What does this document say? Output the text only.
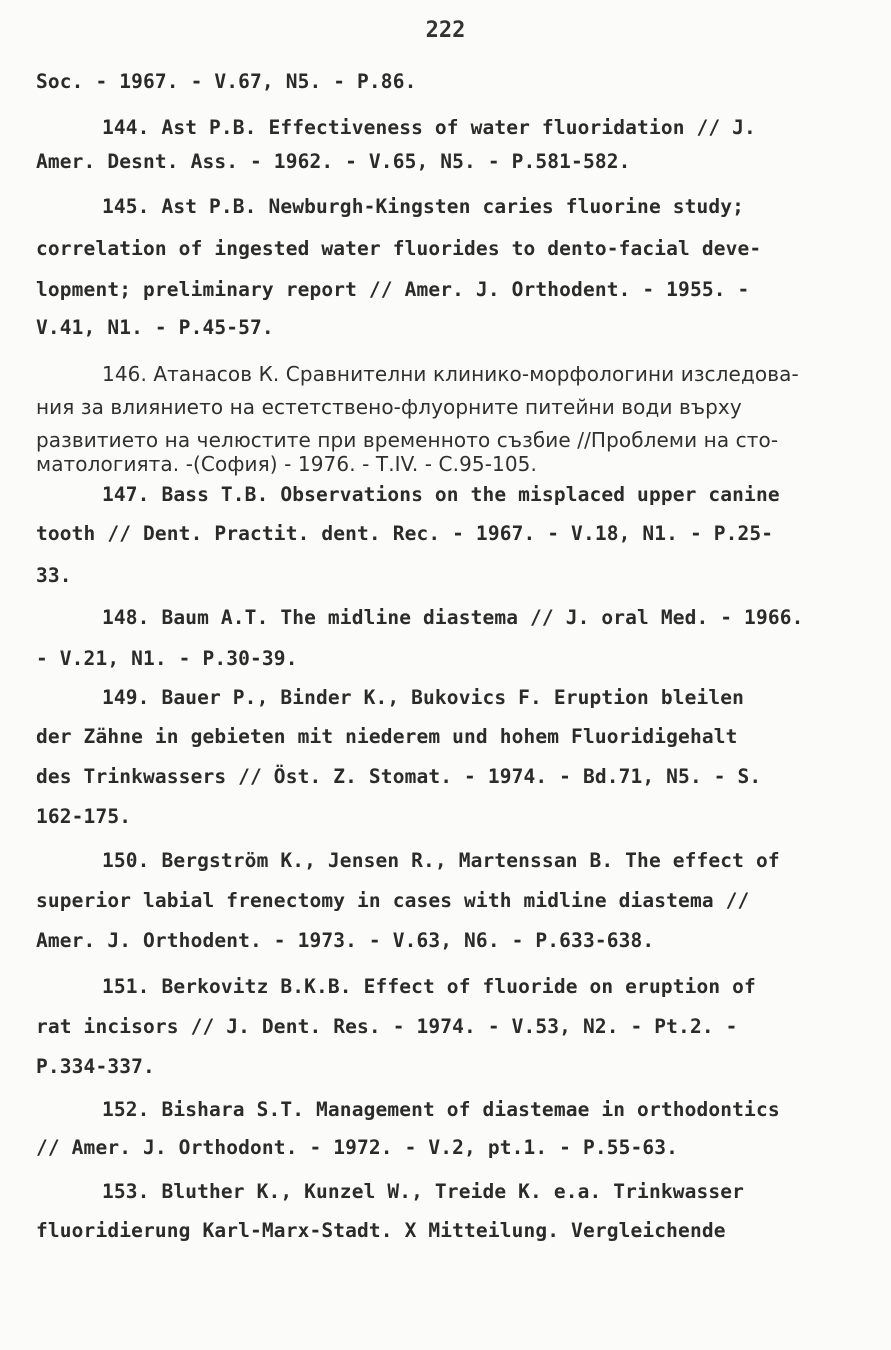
222
Soc. - 1967. - V.67, N5. - P.86.
144. Ast P.B. Effectiveness of water fluoridation // J.
Amer. Desnt. Ass. - 1962. - V.65, N5. - P.581-582.
145. Ast P.B. Newburgh-Kingsten caries fluorine study;
correlation of ingested water fluorides to dento-facial deve-
lopment; preliminary report // Amer. J. Orthodent. - 1955. -
V.41, N1. - P.45-57.
146. Атанасов К. Сравнителни клинико-морфологини изследова-
ния за влиянието на естетствено-флуорните питейни води върху
развитието на челюстите при временното съзбие //Проблеми на сто-
матологията. -(София) - 1976. - Т.IV. - С.95-105.
147. Bass T.B. Observations on the misplaced upper canine
tooth // Dent. Practit. dent. Rec. - 1967. - V.18, N1. - P.25-
33.
148. Baum A.T. The midline diastema // J. oral Med. - 1966.
- V.21, N1. - P.30-39.
149. Bauer P., Binder K., Bukovics F. Eruption bleilen
der Zähne in gebieten mit niederem und hohem Fluoridigehalt
des Trinkwassers // Öst. Z. Stomat. - 1974. - Bd.71, N5. - S.
162-175.
150. Bergström K., Jensen R., Martenssan B. The effect of
superior labial frenectomy in cases with midline diastema //
Amer. J. Orthodent. - 1973. - V.63, N6. - P.633-638.
151. Berkovitz B.K.B. Effect of fluoride on eruption of
rat incisors // J. Dent. Res. - 1974. - V.53, N2. - Pt.2. -
P.334-337.
152. Bishara S.T. Management of diastemae in orthodontics
// Amer. J. Orthodont. - 1972. - V.2, pt.1. - P.55-63.
153. Bluther K., Kunzel W., Treide K. e.a. Trinkwasser
fluoridierung Karl-Marx-Stadt. X Mitteilung. Vergleichende
